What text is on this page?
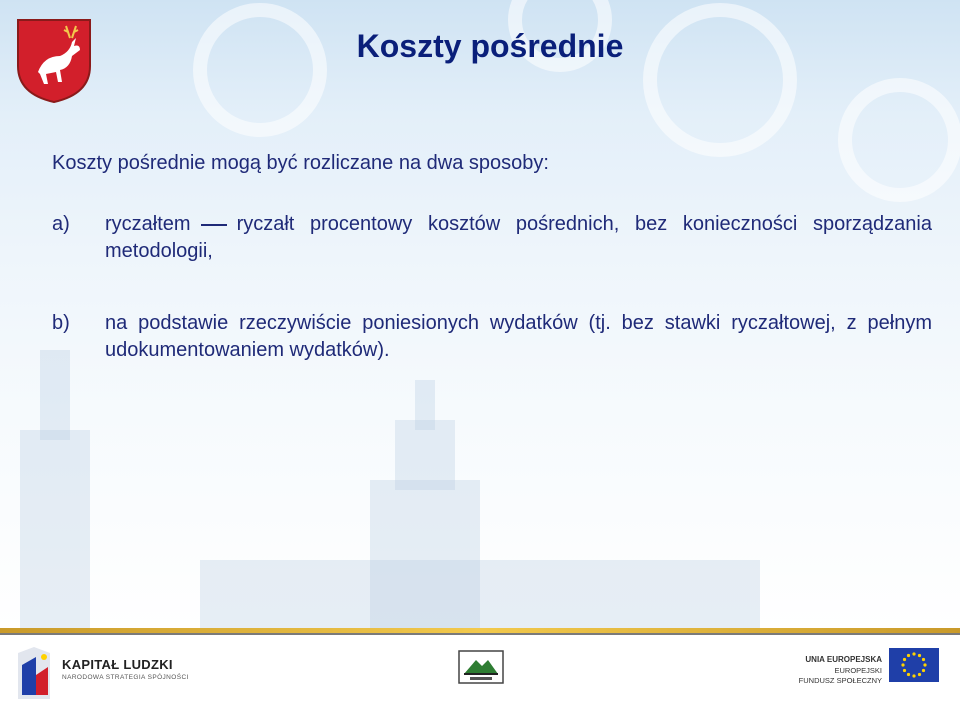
Koszty pośrednie
Koszty pośrednie mogą być rozliczane na dwa sposoby:
a) ryczałtem ryczałt procentowy kosztów pośrednich, bez konieczności sporządzania metodologii,
b) na podstawie rzeczywiście poniesionych wydatków (tj. bez stawki ryczałtowej, z pełnym udokumentowaniem wydatków).
KAPITAŁ LUDZKI
NARODOWA STRATEGIA SPÓJNOŚCI
UNIA EUROPEJSKA
EUROPEJSKI
FUNDUSZ SPOŁECZNY
